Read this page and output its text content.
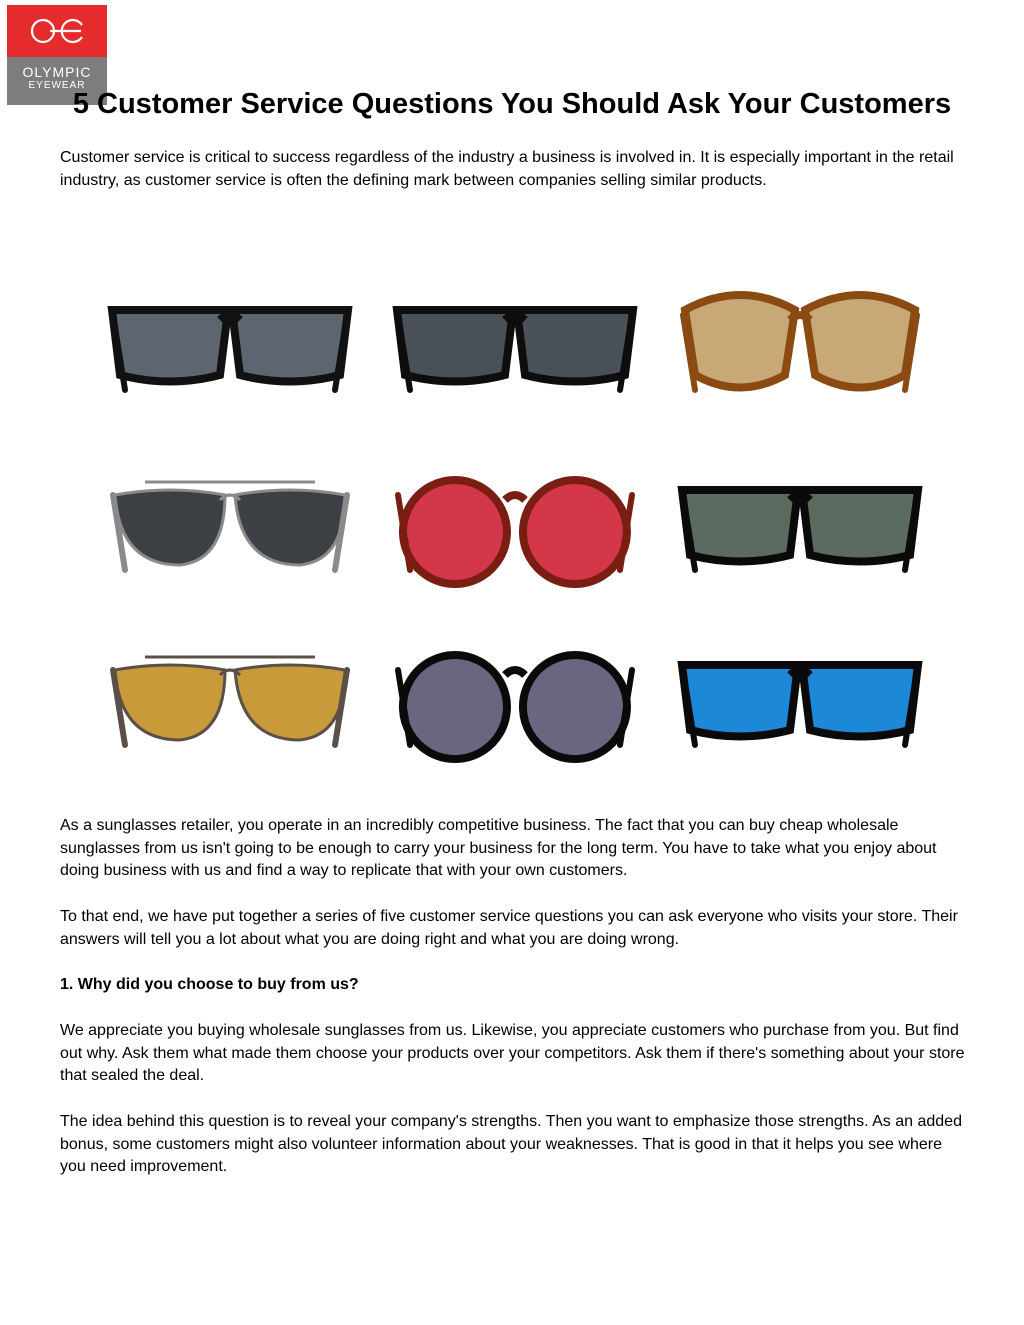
OLYMPIC
EYEWEAR
5 Customer Service Questions You Should Ask Your Customers

Customer service is critical to success regardless of the industry a business is involved in. It is especially important in the retail industry, as customer service is often the defining mark between companies selling similar products.

As a sunglasses retailer, you operate in an incredibly competitive business. The fact that you can buy cheap wholesale sunglasses from us isn't going to be enough to carry your business for the long term. You have to take what you enjoy about doing business with us and find a way to replicate that with your own customers.

To that end, we have put together a series of five customer service questions you can ask everyone who visits your store. Their answers will tell you a lot about what you are doing right and what you are doing wrong.

1. Why did you choose to buy from us?

We appreciate you buying wholesale sunglasses from us. Likewise, you appreciate customers who purchase from you. But find out why. Ask them what made them choose your products over your competitors. Ask them if there's something about your store that sealed the deal.

The idea behind this question is to reveal your company's strengths. Then you want to emphasize those strengths. As an added bonus, some customers might also volunteer information about your weaknesses. That is good in that it helps you see where you need improvement.
